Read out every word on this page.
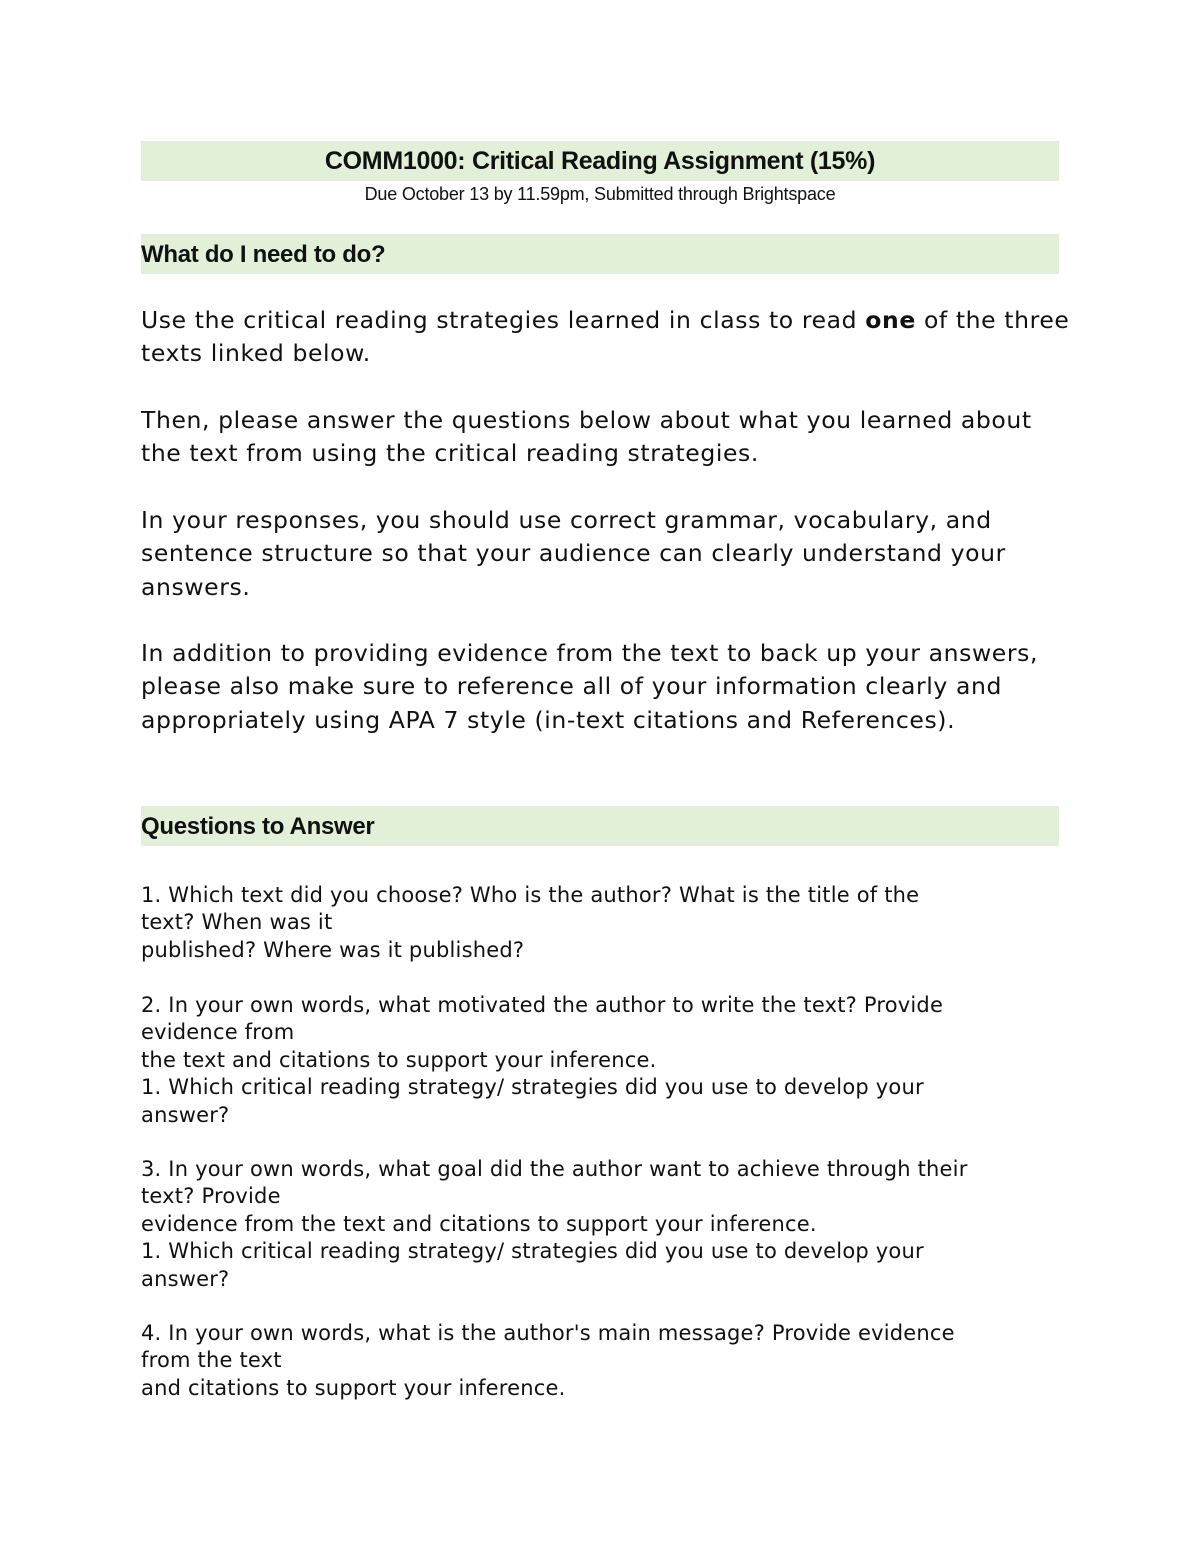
COMM1000: Critical Reading Assignment (15%)
Due October 13 by 11.59pm, Submitted through Brightspace
What do I need to do?

Use the critical reading strategies learned in class to read one of the three texts linked below.

Then, please answer the questions below about what you learned about the text from using the critical reading strategies.

In your responses, you should use correct grammar, vocabulary, and sentence structure so that your audience can clearly understand your answers.

In addition to providing evidence from the text to back up your answers, please also make sure to reference all of your information clearly and appropriately using APA 7 style (in-text citations and References).

Questions to Answer

1. Which text did you choose? Who is the author? What is the title of the
text? When was it
published? Where was it published?

2. In your own words, what motivated the author to write the text? Provide
evidence from
the text and citations to support your inference.
1. Which critical reading strategy/ strategies did you use to develop your
answer?

3. In your own words, what goal did the author want to achieve through their
text? Provide
evidence from the text and citations to support your inference.
1. Which critical reading strategy/ strategies did you use to develop your
answer?

4. In your own words, what is the author's main message? Provide evidence
from the text
and citations to support your inference.
